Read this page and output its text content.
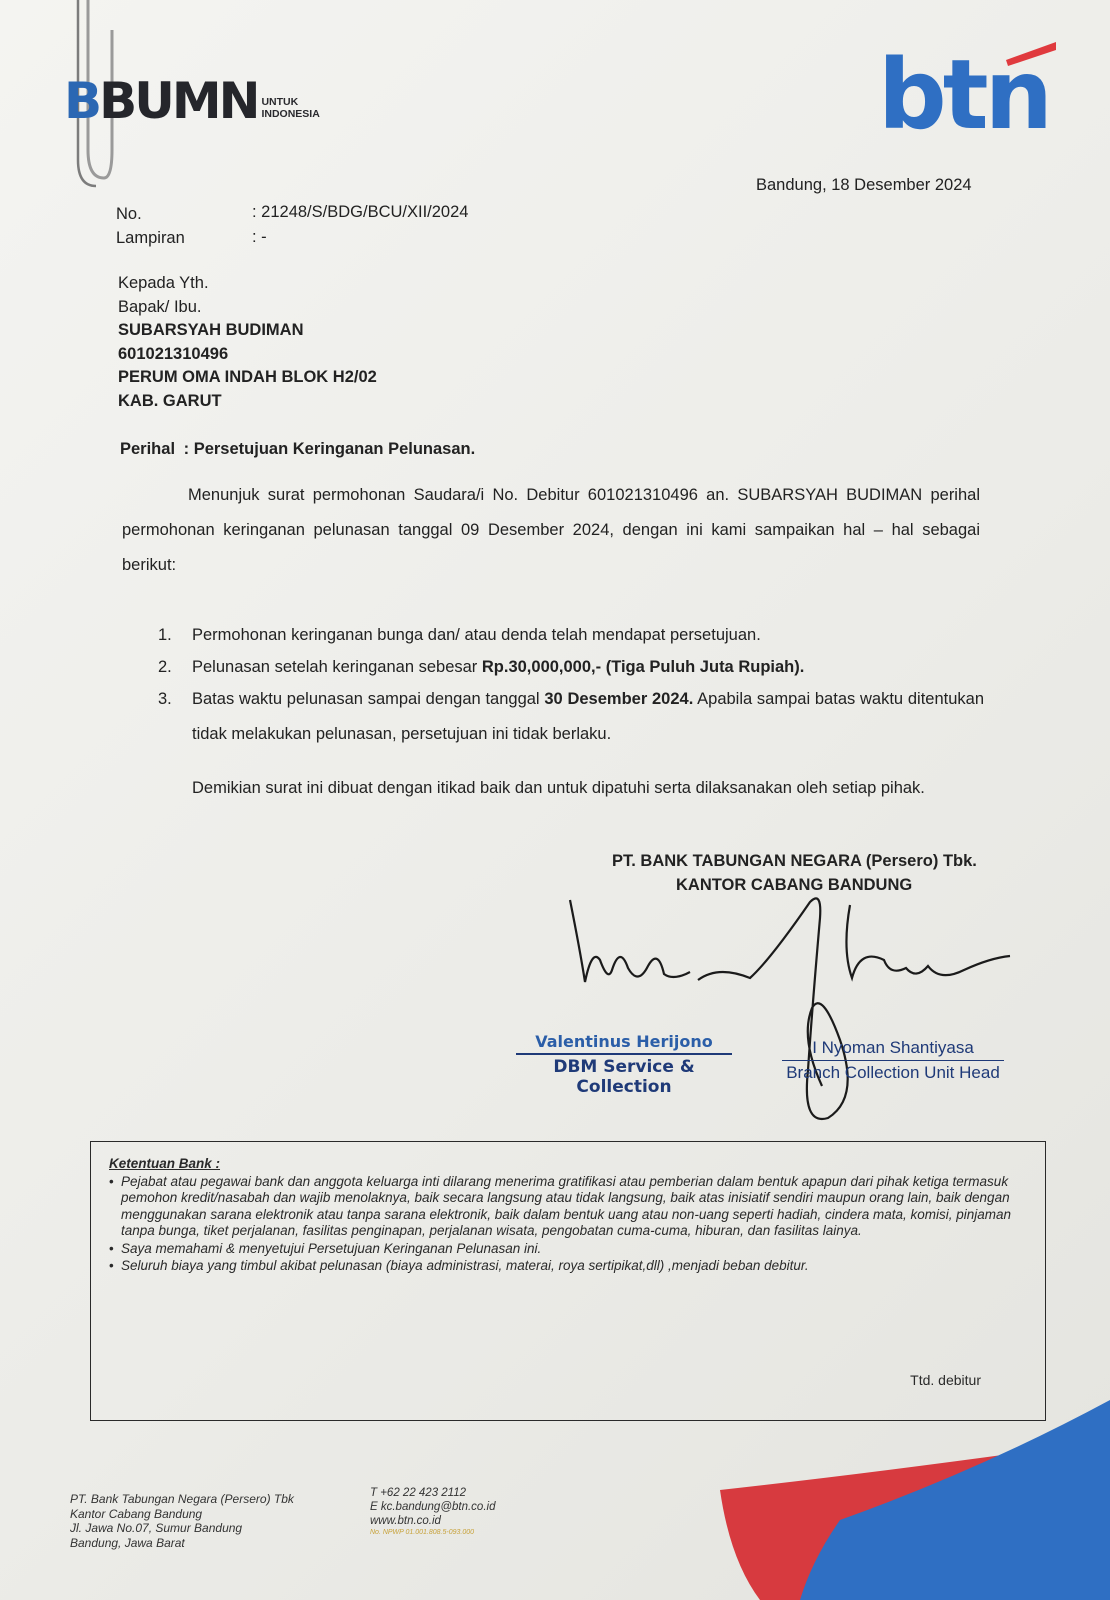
BBUMN UNTUK
INDONESIA	btn
Bandung, 18 Desember 2024
No.	: 21248/S/BDG/BCU/XII/2024
Lampiran	: -
Kepada Yth.
Bapak/ Ibu.
SUBARSYAH BUDIMAN
601021310496
PERUM OMA INDAH BLOK H2/02
KAB. GARUT
Perihal : Persetujuan Keringanan Pelunasan.
Menunjuk surat permohonan Saudara/i No. Debitur 601021310496 an. SUBARSYAH BUDIMAN perihal permohonan keringanan pelunasan tanggal 09 Desember 2024, dengan ini kami sampaikan hal – hal sebagai berikut:
1. Permohonan keringanan bunga dan/ atau denda telah mendapat persetujuan.
2. Pelunasan setelah keringanan sebesar Rp.30,000,000,- (Tiga Puluh Juta Rupiah).
3. Batas waktu pelunasan sampai dengan tanggal 30 Desember 2024. Apabila sampai batas waktu ditentukan tidak melakukan pelunasan, persetujuan ini tidak berlaku.
Demikian surat ini dibuat dengan itikad baik dan untuk dipatuhi serta dilaksanakan oleh setiap pihak.
PT. BANK TABUNGAN NEGARA (Persero) Tbk.
KANTOR CABANG BANDUNG
Valentinus Herijono
DBM Service & Collection
I Nyoman Shantiyasa
Branch Collection Unit Head
Ketentuan Bank :
• Pejabat atau pegawai bank dan anggota keluarga inti dilarang menerima gratifikasi atau pemberian dalam bentuk apapun dari pihak ketiga termasuk pemohon kredit/nasabah dan wajib menolaknya, baik secara langsung atau tidak langsung, baik atas inisiatif sendiri maupun orang lain, baik dengan menggunakan sarana elektronik atau tanpa sarana elektronik, baik dalam bentuk uang atau non-uang seperti hadiah, cindera mata, komisi, pinjaman tanpa bunga, tiket perjalanan, fasilitas penginapan, perjalanan wisata, pengobatan cuma-cuma, hiburan, dan fasilitas lainya.
• Saya memahami & menyetujui Persetujuan Keringanan Pelunasan ini.
• Seluruh biaya yang timbul akibat pelunasan (biaya administrasi, materai, roya sertipikat,dll) ,menjadi beban debitur.
Ttd. debitur
PT. Bank Tabungan Negara (Persero) Tbk
Kantor Cabang Bandung
Jl. Jawa No.07, Sumur Bandung
Bandung, Jawa Barat
T +62 22 423 2112
E kc.bandung@btn.co.id
www.btn.co.id
No. NPWP 01.001.808.5-093.000
